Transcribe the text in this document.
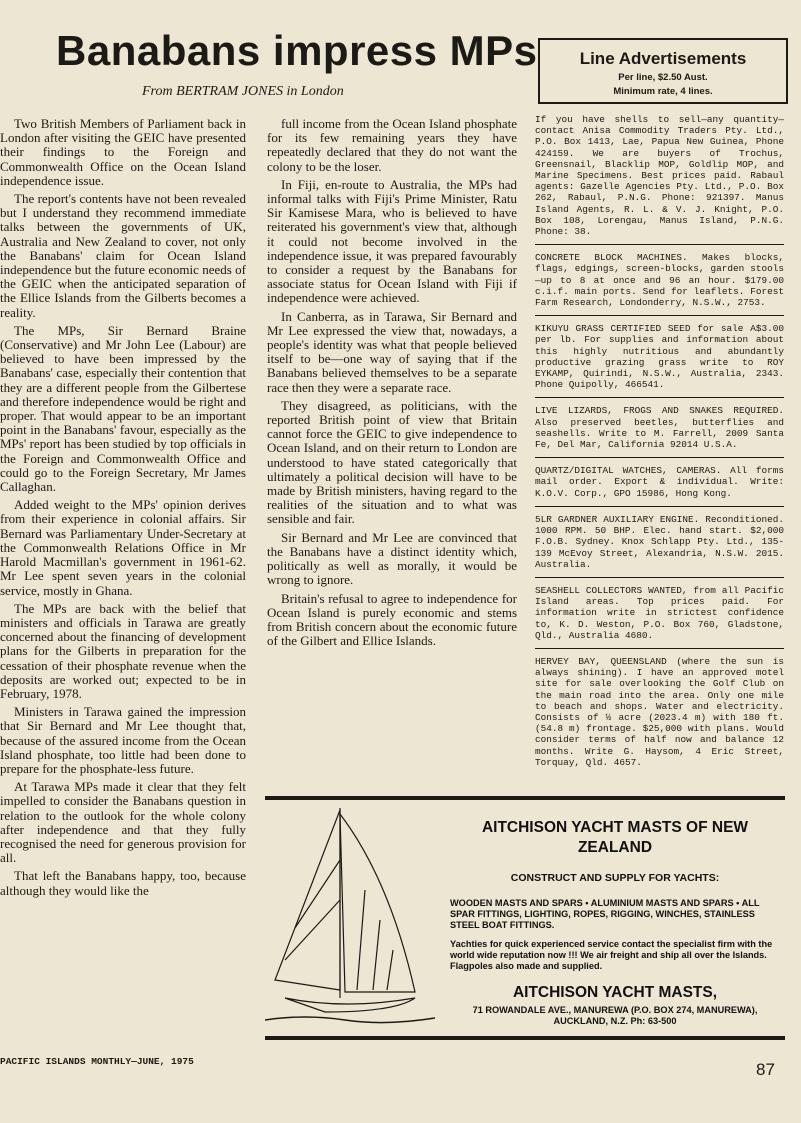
Banabans impress MPs
From BERTRAM JONES in London

Two British Members of Parliament back in London after visiting the GEIC have presented their findings to the Foreign and Commonwealth Office on the Ocean Island independence issue.

The report's contents have not been revealed but I understand they recommend immediate talks between the governments of UK, Australia and New Zealand to cover, not only the Banabans' claim for Ocean Island independence but the future economic needs of the GEIC when the anticipated separation of the Ellice Islands from the Gilberts becomes a reality.

The MPs, Sir Bernard Braine (Conservative) and Mr John Lee (Labour) are believed to have been impressed by the Banabans' case, especially their contention that they are a different people from the Gilbertese and therefore independence would be right and proper. That would appear to be an important point in the Banabans' favour, especially as the MPs' report has been studied by top officials in the Foreign and Commonwealth Office and could go to the Foreign Secretary, Mr James Callaghan.

Added weight to the MPs' opinion derives from their experience in colonial affairs. Sir Bernard was Parliamentary Under-Secretary at the Commonwealth Relations Office in Mr Harold Macmillan's government in 1961-62. Mr Lee spent seven years in the colonial service, mostly in Ghana.

The MPs are back with the belief that ministers and officials in Tarawa are greatly concerned about the financing of development plans for the Gilberts in preparation for the cessation of their phosphate revenue when the deposits are worked out; expected to be in February, 1978.

Ministers in Tarawa gained the impression that Sir Bernard and Mr Lee thought that, because of the assured income from the Ocean Island phosphate, too little had been done to prepare for the phosphate-less future.

At Tarawa MPs made it clear that they felt impelled to consider the Banabans question in relation to the outlook for the whole colony after independence and that they fully recognised the need for generous provision for all.

That left the Banabans happy, too, because although they would like the

full income from the Ocean Island phosphate for its few remaining years they have repeatedly declared that they do not want the colony to be the loser.

In Fiji, en-route to Australia, the MPs had informal talks with Fiji's Prime Minister, Ratu Sir Kamisese Mara, who is believed to have reiterated his government's view that, although it could not become involved in the independence issue, it was prepared favourably to consider a request by the Banabans for associate status for Ocean Island with Fiji if independence were achieved.

In Canberra, as in Tarawa, Sir Bernard and Mr Lee expressed the view that, nowadays, a people's identity was what that people believed itself to be—one way of saying that if the Banabans believed themselves to be a separate race then they were a separate race.

They disagreed, as politicians, with the reported British point of view that Britain cannot force the GEIC to give independence to Ocean Island, and on their return to London are understood to have stated categorically that ultimately a political decision will have to be made by British ministers, having regard to the realities of the situation and to what was sensible and fair.

Sir Bernard and Mr Lee are convinced that the Banabans have a distinct identity which, politically as well as morally, it would be wrong to ignore.

Britain's refusal to agree to independence for Ocean Island is purely economic and stems from British concern about the economic future of the Gilbert and Ellice Islands.

Line Advertisements
Per line, $2.50 Aust.
Minimum rate, 4 lines.
If you have shells to sell—any quantity—contact Anisa Commodity Traders Pty. Ltd., P.O. Box 1413, Lae, Papua New Guinea, Phone 424159. We are buyers of Trochus, Greensnail, Blacklip MOP, Goldlip MOP, and Marine Specimens. Best prices paid. Rabaul agents: Gazelle Agencies Pty. Ltd., P.O. Box 262, Rabaul, P.N.G. Phone: 921397. Manus Island Agents, R. L. & V. J. Knight, P.O. Box 108, Lorengau, Manus Island, P.N.G. Phone: 38.
CONCRETE BLOCK MACHINES. Makes blocks, flags, edgings, screen-blocks, garden stools—up to 8 at once and 96 an hour. $179.00 c.i.f. main ports. Send for leaflets. Forest Farm Research, Londonderry, N.S.W., 2753.
KIKUYU GRASS CERTIFIED SEED for sale A$3.00 per lb. For supplies and information about this highly nutritious and abundantly productive grazing grass write to ROY EYKAMP, Quirindi, N.S.W., Australia, 2343. Phone Quipolly, 466541.
LIVE LIZARDS, FROGS AND SNAKES REQUIRED. Also preserved beetles, butterflies and seashells. Write to M. Farrell, 2009 Santa Fe, Del Mar, California 92014 U.S.A.
QUARTZ/DIGITAL WATCHES, CAMERAS. All forms mail order. Export & individual. Write: K.O.V. Corp., GPO 15986, Hong Kong.
5LR GARDNER AUXILIARY ENGINE. Reconditioned. 1000 RPM. 50 BHP. Elec. hand start. $2,000 F.O.B. Sydney. Knox Schlapp Pty. Ltd., 135-139 McEvoy Street, Alexandria, N.S.W. 2015. Australia.
SEASHELL COLLECTORS WANTED, from all Pacific Island areas. Top prices paid. For information write in strictest confidence to, K. D. Weston, P.O. Box 760, Gladstone, Qld., Australia 4680.
HERVEY BAY, QUEENSLAND (where the sun is always shining). I have an approved motel site for sale overlooking the Golf Club on the main road into the area. Only one mile to beach and shops. Water and electricity. Consists of ½ acre (2023.4 m) with 180 ft. (54.8 m) frontage. $25,000 with plans. Would consider terms of half now and balance 12 months. Write G. Haysom, 4 Eric Street, Torquay, Qld. 4657.
AITCHISON YACHT MASTS OF NEW ZEALAND
CONSTRUCT AND SUPPLY FOR YACHTS:
WOODEN MASTS AND SPARS • ALUMINIUM MASTS AND SPARS • ALL SPAR FITTINGS, LIGHTING, ROPES, RIGGING, WINCHES, STAINLESS STEEL BOAT FITTINGS.
Yachties for quick experienced service contact the specialist firm with the world wide reputation now !!! We air freight and ship all over the Islands. Flagpoles also made and supplied.
AITCHISON YACHT MASTS,
71 ROWANDALE AVE., MANUREWA (P.O. BOX 274, MANUREWA), AUCKLAND, N.Z. Ph: 63-500
PACIFIC ISLANDS MONTHLY—JUNE, 1975	87
